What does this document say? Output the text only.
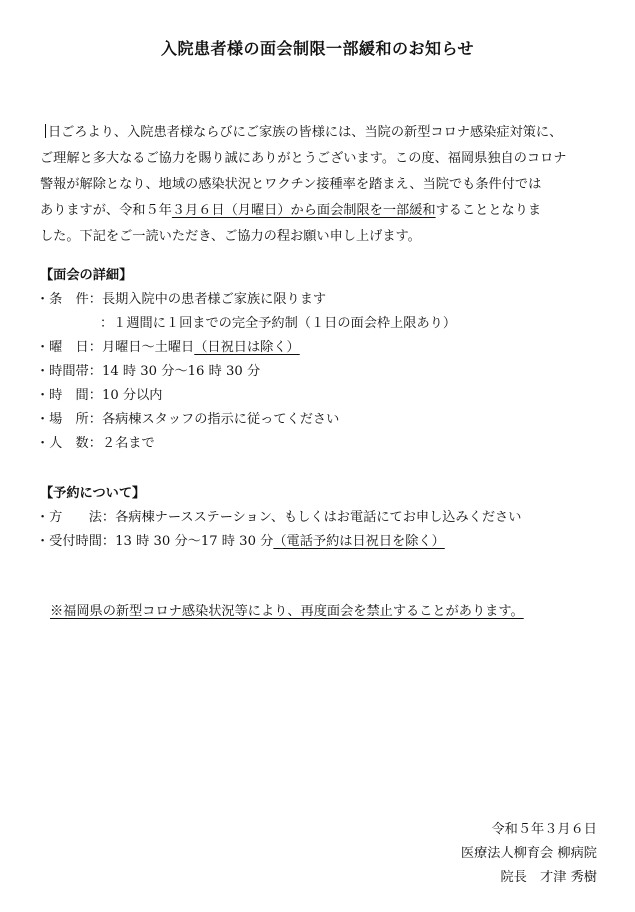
入院患者様の面会制限一部緩和のお知らせ

日ごろより、入院患者様ならびにご家族の皆様には、当院の新型コロナ感染症対策に、
ご理解と多大なるご協力を賜り誠にありがとうございます。この度、福岡県独自のコロナ
警報が解除となり、地域の感染状況とワクチン接種率を踏まえ、当院でも条件付では
ありますが、令和５年３月６日（月曜日）から面会制限を一部緩和することとなりま
した。下記をご一読いただき、ご協力の程お願い申し上げます。

【面会の詳細】
・条　件：長期入院中の患者様ご家族に限ります
：１週間に１回までの完全予約制（１日の面会枠上限あり）
・曜　日：月曜日〜土曜日（日祝日は除く）
・時間帯：14 時 30 分〜16 時 30 分
・時　間：10 分以内
・場　所：各病棟スタッフの指示に従ってください
・人　数：２名まで
【予約について】
・方　　法：各病棟ナースステーション、もしくはお電話にてお申し込みください
・受付時間：13 時 30 分〜17 時 30 分（電話予約は日祝日を除く）
※福岡県の新型コロナ感染状況等により、再度面会を禁止することがあります。
令和５年３月６日
医療法人柳育会 柳病院
院長　才津 秀樹
